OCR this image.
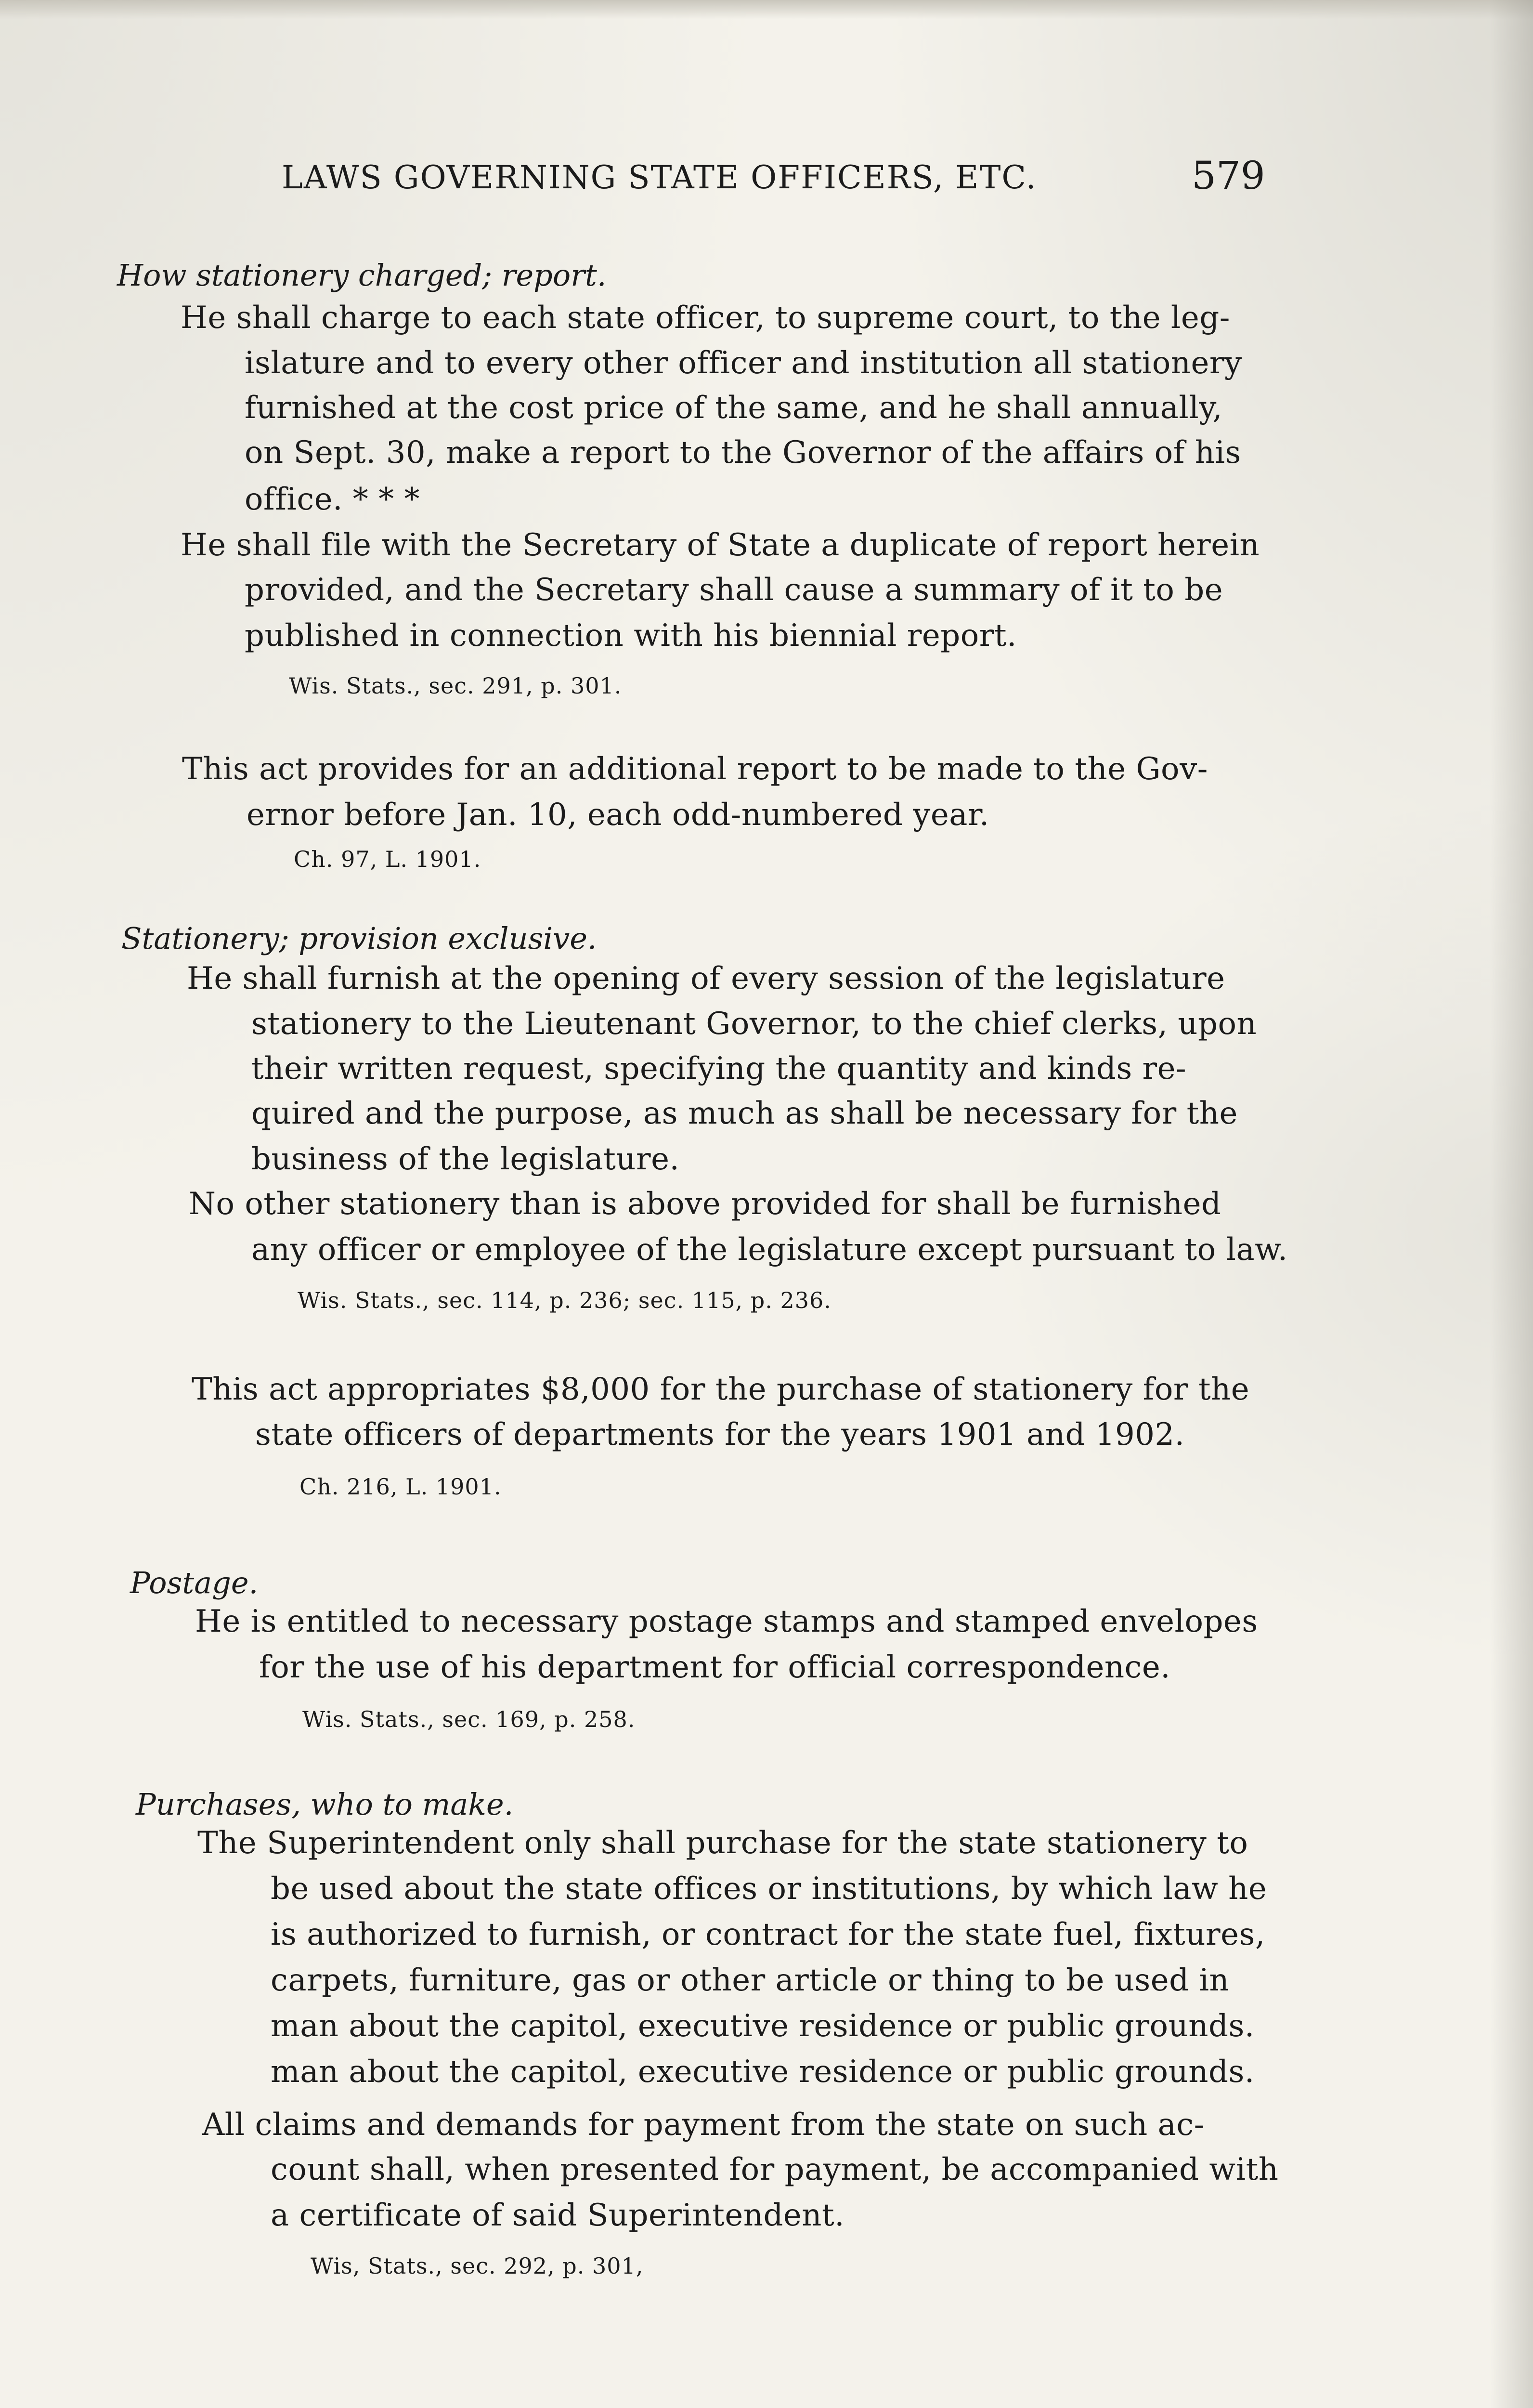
LAWS GOVERNING STATE OFFICERS, ETC.	579
How stationery charged; report.
He shall charge to each state officer, to supreme court, to the leg-
islature and to every other officer and institution all stationery
furnished at the cost price of the same, and he shall annually,
on Sept. 30, make a report to the Governor of the affairs of his
office. * * *
He shall file with the Secretary of State a duplicate of report herein
provided, and the Secretary shall cause a summary of it to be
published in connection with his biennial report.
Wis. Stats., sec. 291, p. 301.
This act provides for an additional report to be made to the Gov-
ernor before Jan. 10, each odd-numbered year.
Ch. 97, L. 1901.
Stationery; provision exclusive.
He shall furnish at the opening of every session of the legislature
stationery to the Lieutenant Governor, to the chief clerks, upon
their written request, specifying the quantity and kinds re-
quired and the purpose, as much as shall be necessary for the
business of the legislature.
No other stationery than is above provided for shall be furnished
any officer or employee of the legislature except pursuant to law.
Wis. Stats., sec. 114, p. 236; sec. 115, p. 236.
This act appropriates $8,000 for the purchase of stationery for the
state officers of departments for the years 1901 and 1902.
Ch. 216, L. 1901.
Postage.
He is entitled to necessary postage stamps and stamped envelopes
for the use of his department for official correspondence.
Wis. Stats., sec. 169, p. 258.
Purchases, who to make.
The Superintendent only shall purchase for the state stationery to
be used about the state offices or institutions, by which law he
is authorized to furnish, or contract for the state fuel, fixtures,
carpets, furniture, gas or other article or thing to be used in
man about the capitol, executive residence or public grounds.
man about the capitol, executive residence or public grounds.
All claims and demands for payment from the state on such ac-
count shall, when presented for payment, be accompanied with
a certificate of said Superintendent.
Wis, Stats., sec. 292, p. 301,
